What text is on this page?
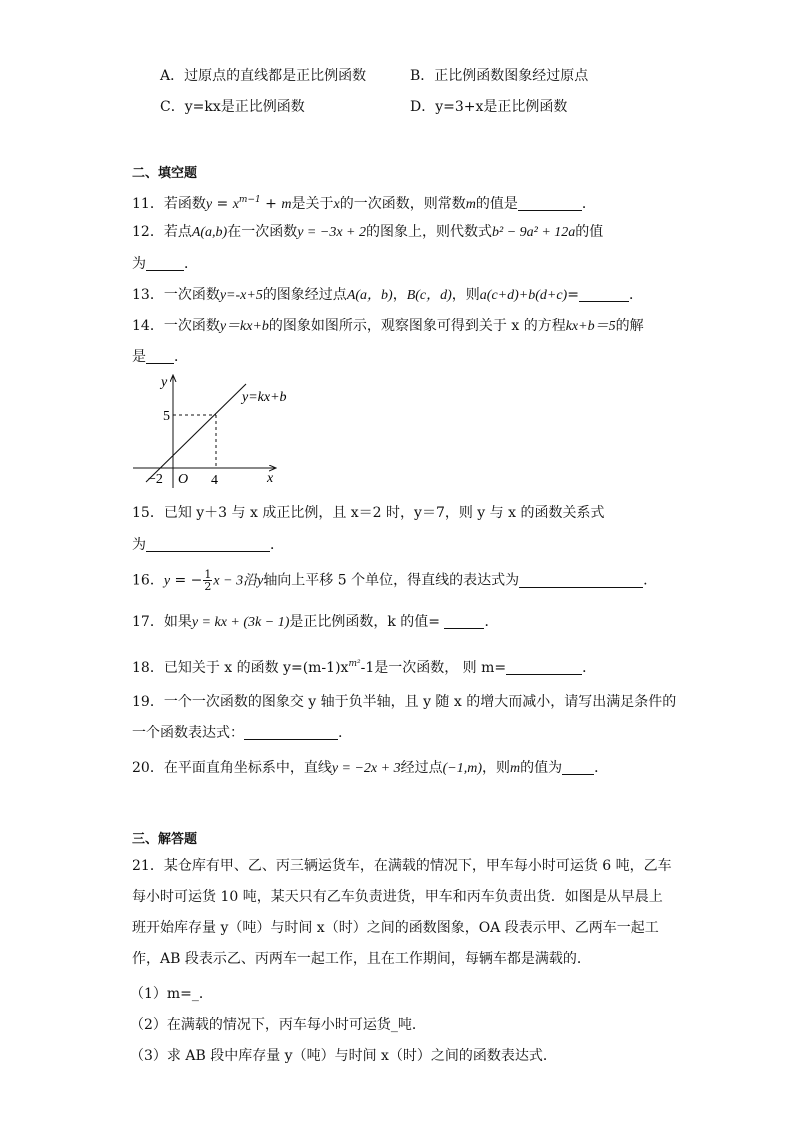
A．过原点的直线都是正比例函数	B．正比例函数图象经过原点
C．y=kx是正比例函数	D．y=3+x是正比例函数
二、填空题
11．若函数$y = x^{m-1} + m$是关于x的一次函数，则常数m的值是	．
12．若点A(a,b)在一次函数y = −3x + 2的图象上，则代数式b² − 9a² + 12a的值
为	．
13．一次函数y=-x+5的图象经过点A(a，b)，B(c，d)，则a(c+d)+b(d+c)=	．
14．一次函数y＝kx+b的图象如图所示，观察图象可得到关于 x 的方程kx+b＝5的解
是 ．
y
x
O
−2	4
5
y=kx+b
15．已知 y＋3 与 x 成正比例，且 x＝2 时，y＝7，则 y 与 x 的函数关系式
为	．
16．y = − $\frac{1}{2}$ x − 3沿y轴向上平移 5 个单位，得直线的表达式为	.
17．如果y = kx + (3k − 1)是正比例函数，k 的值=	．
18．已知关于 x 的函数 $y=(m-1)x^{m^2}-1$是一次函数， 则 m=	．
19．一个一次函数的图象交 y 轴于负半轴，且 y 随 x 的增大而减小，请写出满足条件的
一个函数表达式：	.
20．在平面直角坐标系中，直线y = −2x + 3经过点(−1,m)，则m的值为 ．
三、解答题
21．某仓库有甲、乙、丙三辆运货车，在满载的情况下，甲车每小时可运货 6 吨，乙车
每小时可运货 10 吨，某天只有乙车负责进货，甲车和丙车负责出货．如图是从早晨上
班开始库存量 y（吨）与时间 x（时）之间的函数图象，OA 段表示甲、乙两车一起工
作，AB 段表示乙、丙两车一起工作，且在工作期间，每辆车都是满载的．
（1）m=_．
（2）在满载的情况下，丙车每小时可运货_吨．
（3）求 AB 段中库存量 y（吨）与时间 x（时）之间的函数表达式．
